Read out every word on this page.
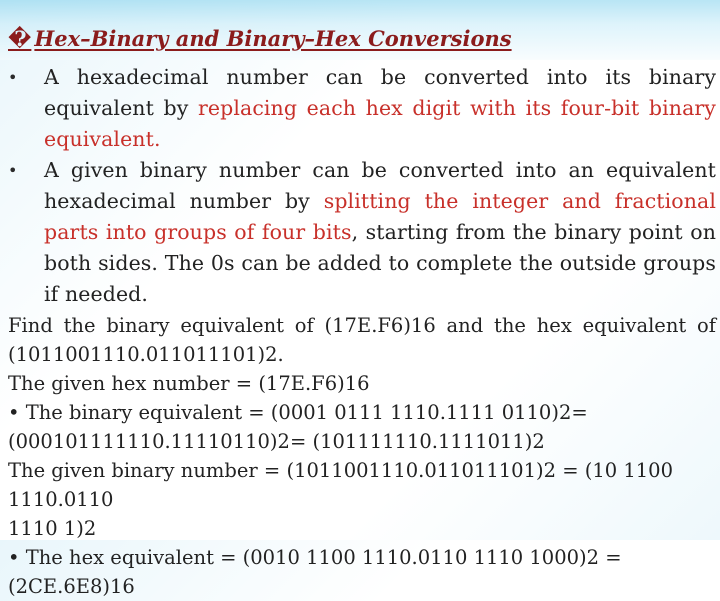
� Hex–Binary and Binary–Hex Conversions
•	A hexadecimal number can be converted into its binary equivalent by replacing each hex digit with its four-bit binary equivalent.
•	A given binary number can be converted into an equivalent hexadecimal number by splitting the integer and fractional parts into groups of four bits, starting from the binary point on both sides. The 0s can be added to complete the outside groups if needed.

Find the binary equivalent of (17E.F6)16 and the hex equivalent of

(1011001110.011011101)2.

The given hex number = (17E.F6)16

• The binary equivalent = (0001 0111 1110.1111 0110)2=

(000101111110.11110110)2= (101111110.1111011)2

The given binary number = (1011001110.011011101)2 = (10 1100 1110.0110

1110 1)2

• The hex equivalent = (0010 1100 1110.0110 1110 1000)2 = (2CE.6E8)16
